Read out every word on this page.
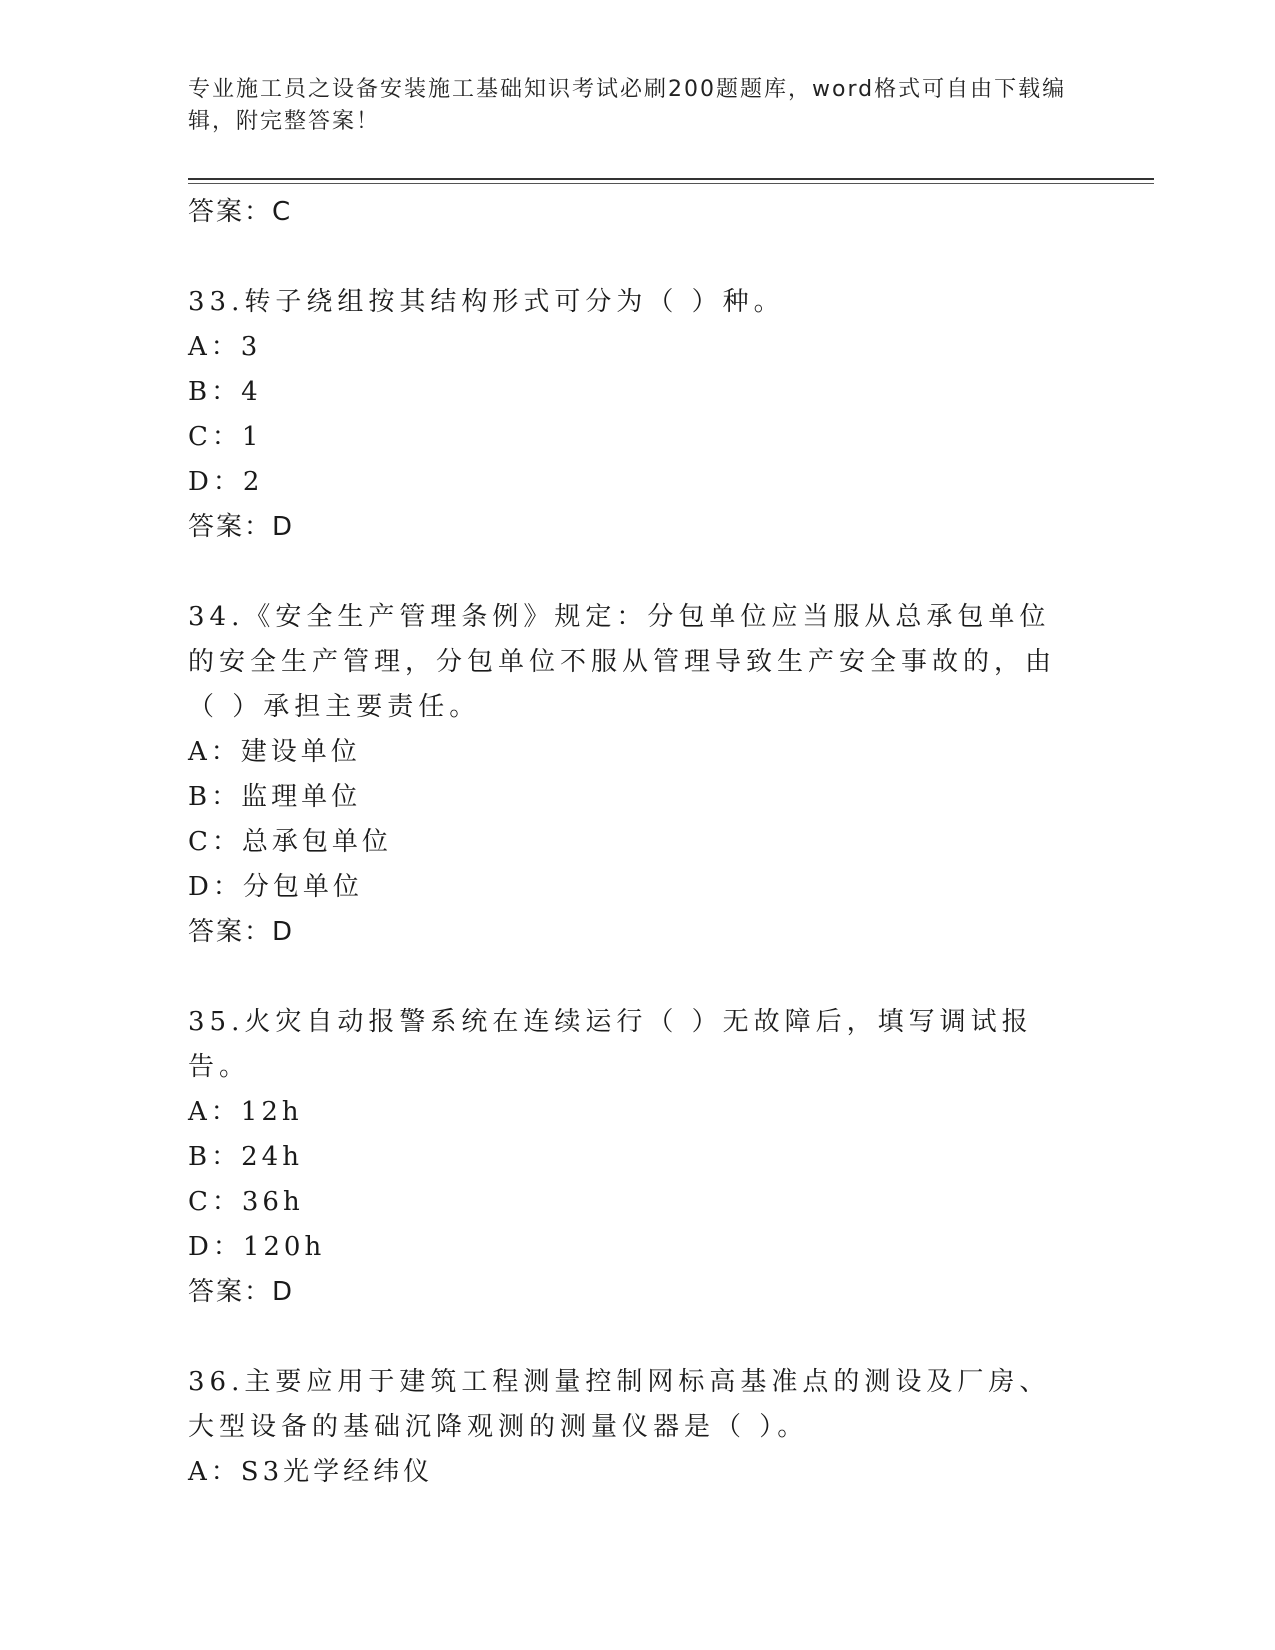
专业施工员之设备安装施工基础知识考试必刷200题题库，word格式可自由下载编辑，附完整答案！
答案：C
33.转子绕组按其结构形式可分为（ ）种。
A：3
B：4
C：1
D：2
答案：D
34.《安全生产管理条例》规定：分包单位应当服从总承包单位的安全生产管理，分包单位不服从管理导致生产安全事故的，由（ ）承担主要责任。
A：建设单位
B：监理单位
C：总承包单位
D：分包单位
答案：D
35.火灾自动报警系统在连续运行（ ）无故障后，填写调试报告。
A：12h
B：24h
C：36h
D：120h
答案：D
36.主要应用于建筑工程测量控制网标高基准点的测设及厂房、大型设备的基础沉降观测的测量仪器是（ ）。
A：S3光学经纬仪
